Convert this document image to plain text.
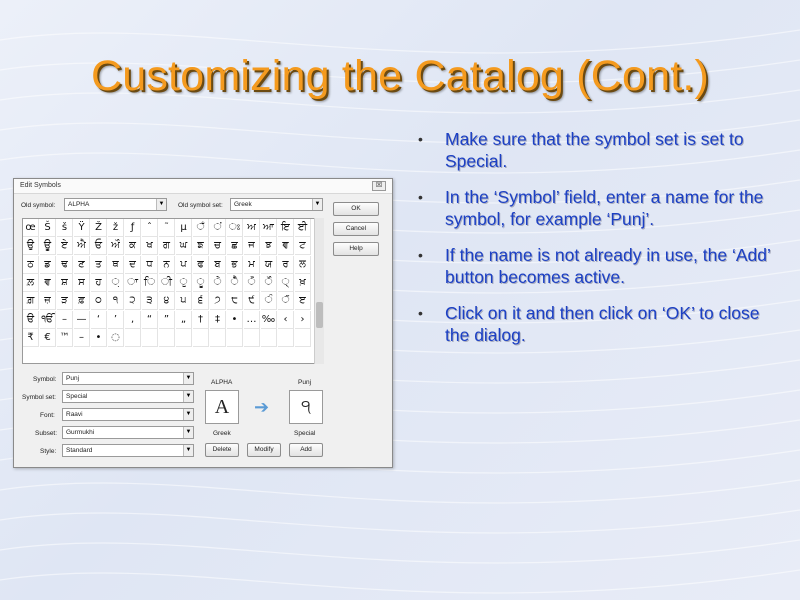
Customizing the Catalog (Cont.)
• Make sure that the symbol set is set to Special.
• In the ‘Symbol’ field, enter a name for the symbol, for example ‘Punj’.
• If the name is not already in use, the ‘Add’ button becomes active.
• Click on it and then click on ‘OK’ to close the dialog.
Edit Symbols	☒
Old symbol: ALPHA	▼ Old symbol set: Greek	▼
OK
Cancel
Help
œ Š	š	Ÿ	Ž	ž	ƒ	ˆ	˜	µ ਁ ਂ ਃ ਅ ਆ ਇ ਈ
ਉ ਊ	ਏ ਐ ਓ ਔ ਕ	ਖ	ਗ ਘ	ਙ	ਚ	ਛ	ਜ	ਝ	ਞ	ਟ
ਠ	ਡ	ਢ	ਣ	ਤ	ਥ	ਦ	ਧ	ਨ	ਪ	ਫ	ਬ	ਭ	ਮ	ਯ	ਰ	ਲ
ਲ਼	ਵ	ਸ਼	ਸ	ਹ ਼ ਾ ਿ ੀ ੁ ੂ ੇ ੈ ੋ ੌ ੍ ਖ਼
ਗ਼ ਜ਼	ੜ	ਫ਼	੦	੧	੨	੩	੪	੫	੬	੭	੮	੯ ੰ ੱ ੲ
ੳ ੴ – —	‘	’	‚	“	”	„	†	‡	• … ‰ ‹	›
₹	€ ™ –	• ◌
Symbol: Punj	▼
Symbol set: Special	▼
Font: Raavi	▼
Subset: Gurmukhi	▼
Style: Standard	▼
ALPHA
A
Greek
➔
Punj
੧
Special
Delete	Modify	Add
